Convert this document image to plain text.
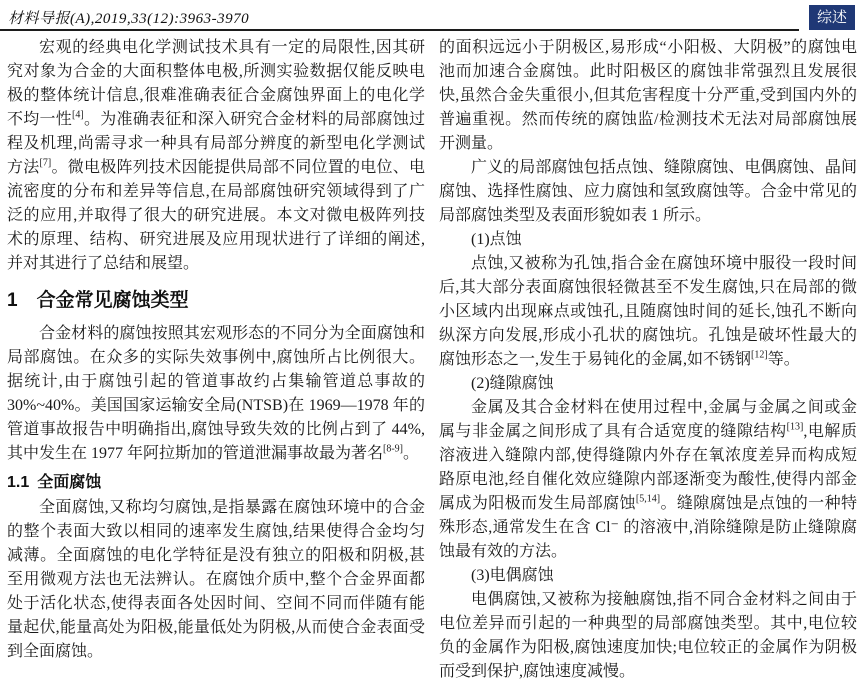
材料导报(A),2019,33(12):3963-3970	综述

宏观的经典电化学测试技术具有一定的局限性,因其研究对象为合金的大面积整体电极,所测实验数据仅能反映电极的整体统计信息,很难准确表征合金腐蚀界面上的电化学不均一性[4]。为准确表征和深入研究合金材料的局部腐蚀过程及机理,尚需寻求一种具有局部分辨度的新型电化学测试方法[7]。微电极阵列技术因能提供局部不同位置的电位、电流密度的分布和差异等信息,在局部腐蚀研究领域得到了广泛的应用,并取得了很大的研究进展。本文对微电极阵列技术的原理、结构、研究进展及应用现状进行了详细的阐述,并对其进行了总结和展望。

1 合金常见腐蚀类型

合金材料的腐蚀按照其宏观形态的不同分为全面腐蚀和局部腐蚀。在众多的实际失效事例中,腐蚀所占比例很大。据统计,由于腐蚀引起的管道事故约占集输管道总事故的 30%~40%。美国国家运输安全局(NTSB)在 1969—1978 年的管道事故报告中明确指出,腐蚀导致失效的比例占到了 44%,其中发生在 1977 年阿拉斯加的管道泄漏事故最为著名[8-9]。

1.1 全面腐蚀

全面腐蚀,又称均匀腐蚀,是指暴露在腐蚀环境中的合金的整个表面大致以相同的速率发生腐蚀,结果使得合金均匀减薄。全面腐蚀的电化学特征是没有独立的阳极和阴极,甚至用微观方法也无法辨认。在腐蚀介质中,整个合金界面都处于活化状态,使得表面各处因时间、空间不同而伴随有能量起伏,能量高处为阳极,能量低处为阴极,从而使合金表面受到全面腐蚀。

的面积远远小于阴极区,易形成“小阳极、大阴极”的腐蚀电池而加速合金腐蚀。此时阳极区的腐蚀非常强烈且发展很快,虽然合金失重很小,但其危害程度十分严重,受到国内外的普遍重视。然而传统的腐蚀监/检测技术无法对局部腐蚀展开测量。

广义的局部腐蚀包括点蚀、缝隙腐蚀、电偶腐蚀、晶间腐蚀、选择性腐蚀、应力腐蚀和氢致腐蚀等。合金中常见的局部腐蚀类型及表面形貌如表 1 所示。

(1)点蚀

点蚀,又被称为孔蚀,指合金在腐蚀环境中服役一段时间后,其大部分表面腐蚀很轻微甚至不发生腐蚀,只在局部的微小区域内出现麻点或蚀孔,且随腐蚀时间的延长,蚀孔不断向纵深方向发展,形成小孔状的腐蚀坑。孔蚀是破坏性最大的腐蚀形态之一,发生于易钝化的金属,如不锈钢[12]等。

(2)缝隙腐蚀

金属及其合金材料在使用过程中,金属与金属之间或金属与非金属之间形成了具有合适宽度的缝隙结构[13],电解质溶液进入缝隙内部,使得缝隙内外存在氧浓度差异而构成短路原电池,经自催化效应缝隙内部逐渐变为酸性,使得内部金属成为阳极而发生局部腐蚀[5,14]。缝隙腐蚀是点蚀的一种特殊形态,通常发生在含 Cl⁻ 的溶液中,消除缝隙是防止缝隙腐蚀最有效的方法。

(3)电偶腐蚀

电偶腐蚀,又被称为接触腐蚀,指不同合金材料之间由于电位差异而引起的一种典型的局部腐蚀类型。其中,电位较负的金属作为阳极,腐蚀速度加快;电位较正的金属作为阴极而受到保护,腐蚀速度减慢。
